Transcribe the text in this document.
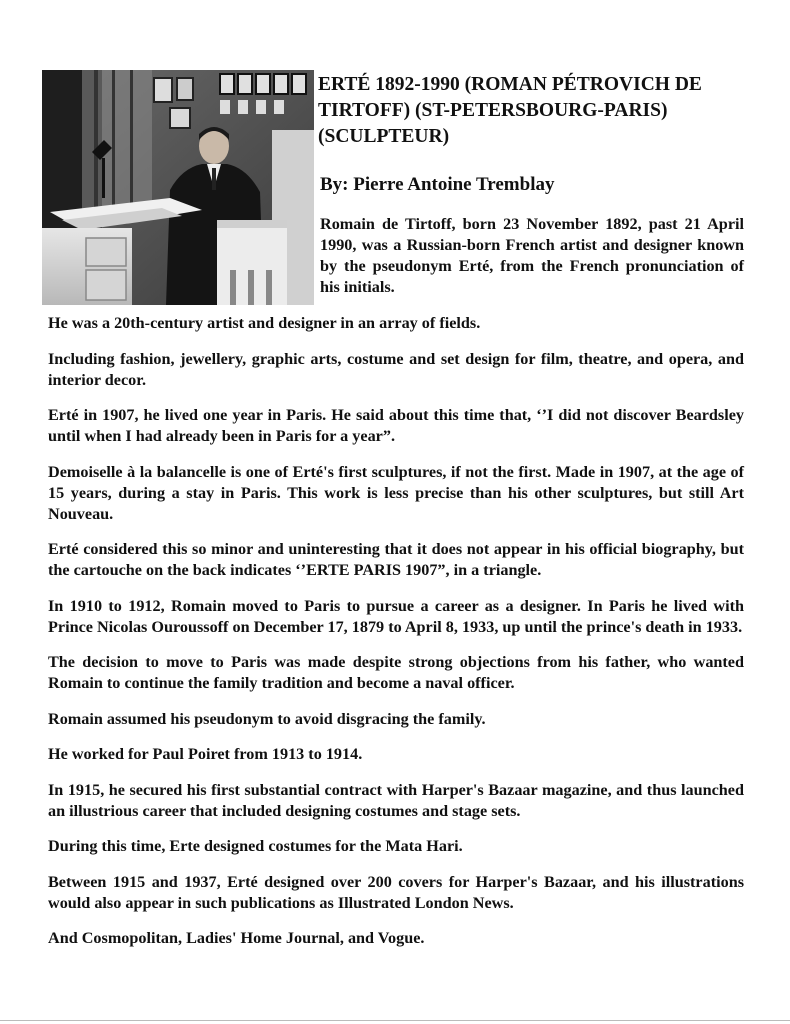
ERTÉ 1892-1990 (ROMAN PÉTROVICH DE TIRTOFF) (ST-PETERSBOURG-PARIS) (SCULPTEUR)

By: Pierre Antoine Tremblay

Romain de Tirtoff, born 23 November 1892, past 21 April 1990, was a Russian-born French artist and designer known by the pseudonym Erté, from the French pronunciation of his initials.

He was a 20th-century artist and designer in an array of fields.

Including fashion, jewellery, graphic arts, costume and set design for film, theatre, and opera, and interior decor.

Erté in 1907, he lived one year in Paris. He said about this time that, ‘’I did not discover Beardsley until when I had already been in Paris for a year”.

Demoiselle à la balancelle is one of Erté's first sculptures, if not the first. Made in 1907, at the age of 15 years, during a stay in Paris. This work is less precise than his other sculptures, but still Art Nouveau.

Erté considered this so minor and uninteresting that it does not appear in his official biography, but the cartouche on the back indicates ‘’ERTE PARIS 1907”, in a triangle.

In 1910 to 1912, Romain moved to Paris to pursue a career as a designer. In Paris he lived with Prince Nicolas Ouroussoff on December 17, 1879 to April 8, 1933, up until the prince's death in 1933.

The decision to move to Paris was made despite strong objections from his father, who wanted Romain to continue the family tradition and become a naval officer.

Romain assumed his pseudonym to avoid disgracing the family.

He worked for Paul Poiret from 1913 to 1914.

In 1915, he secured his first substantial contract with Harper's Bazaar magazine, and thus launched an illustrious career that included designing costumes and stage sets.

During this time, Erte designed costumes for the Mata Hari.

Between 1915 and 1937, Erté designed over 200 covers for Harper's Bazaar, and his illustrations would also appear in such publications as Illustrated London News.

And Cosmopolitan, Ladies' Home Journal, and Vogue.
